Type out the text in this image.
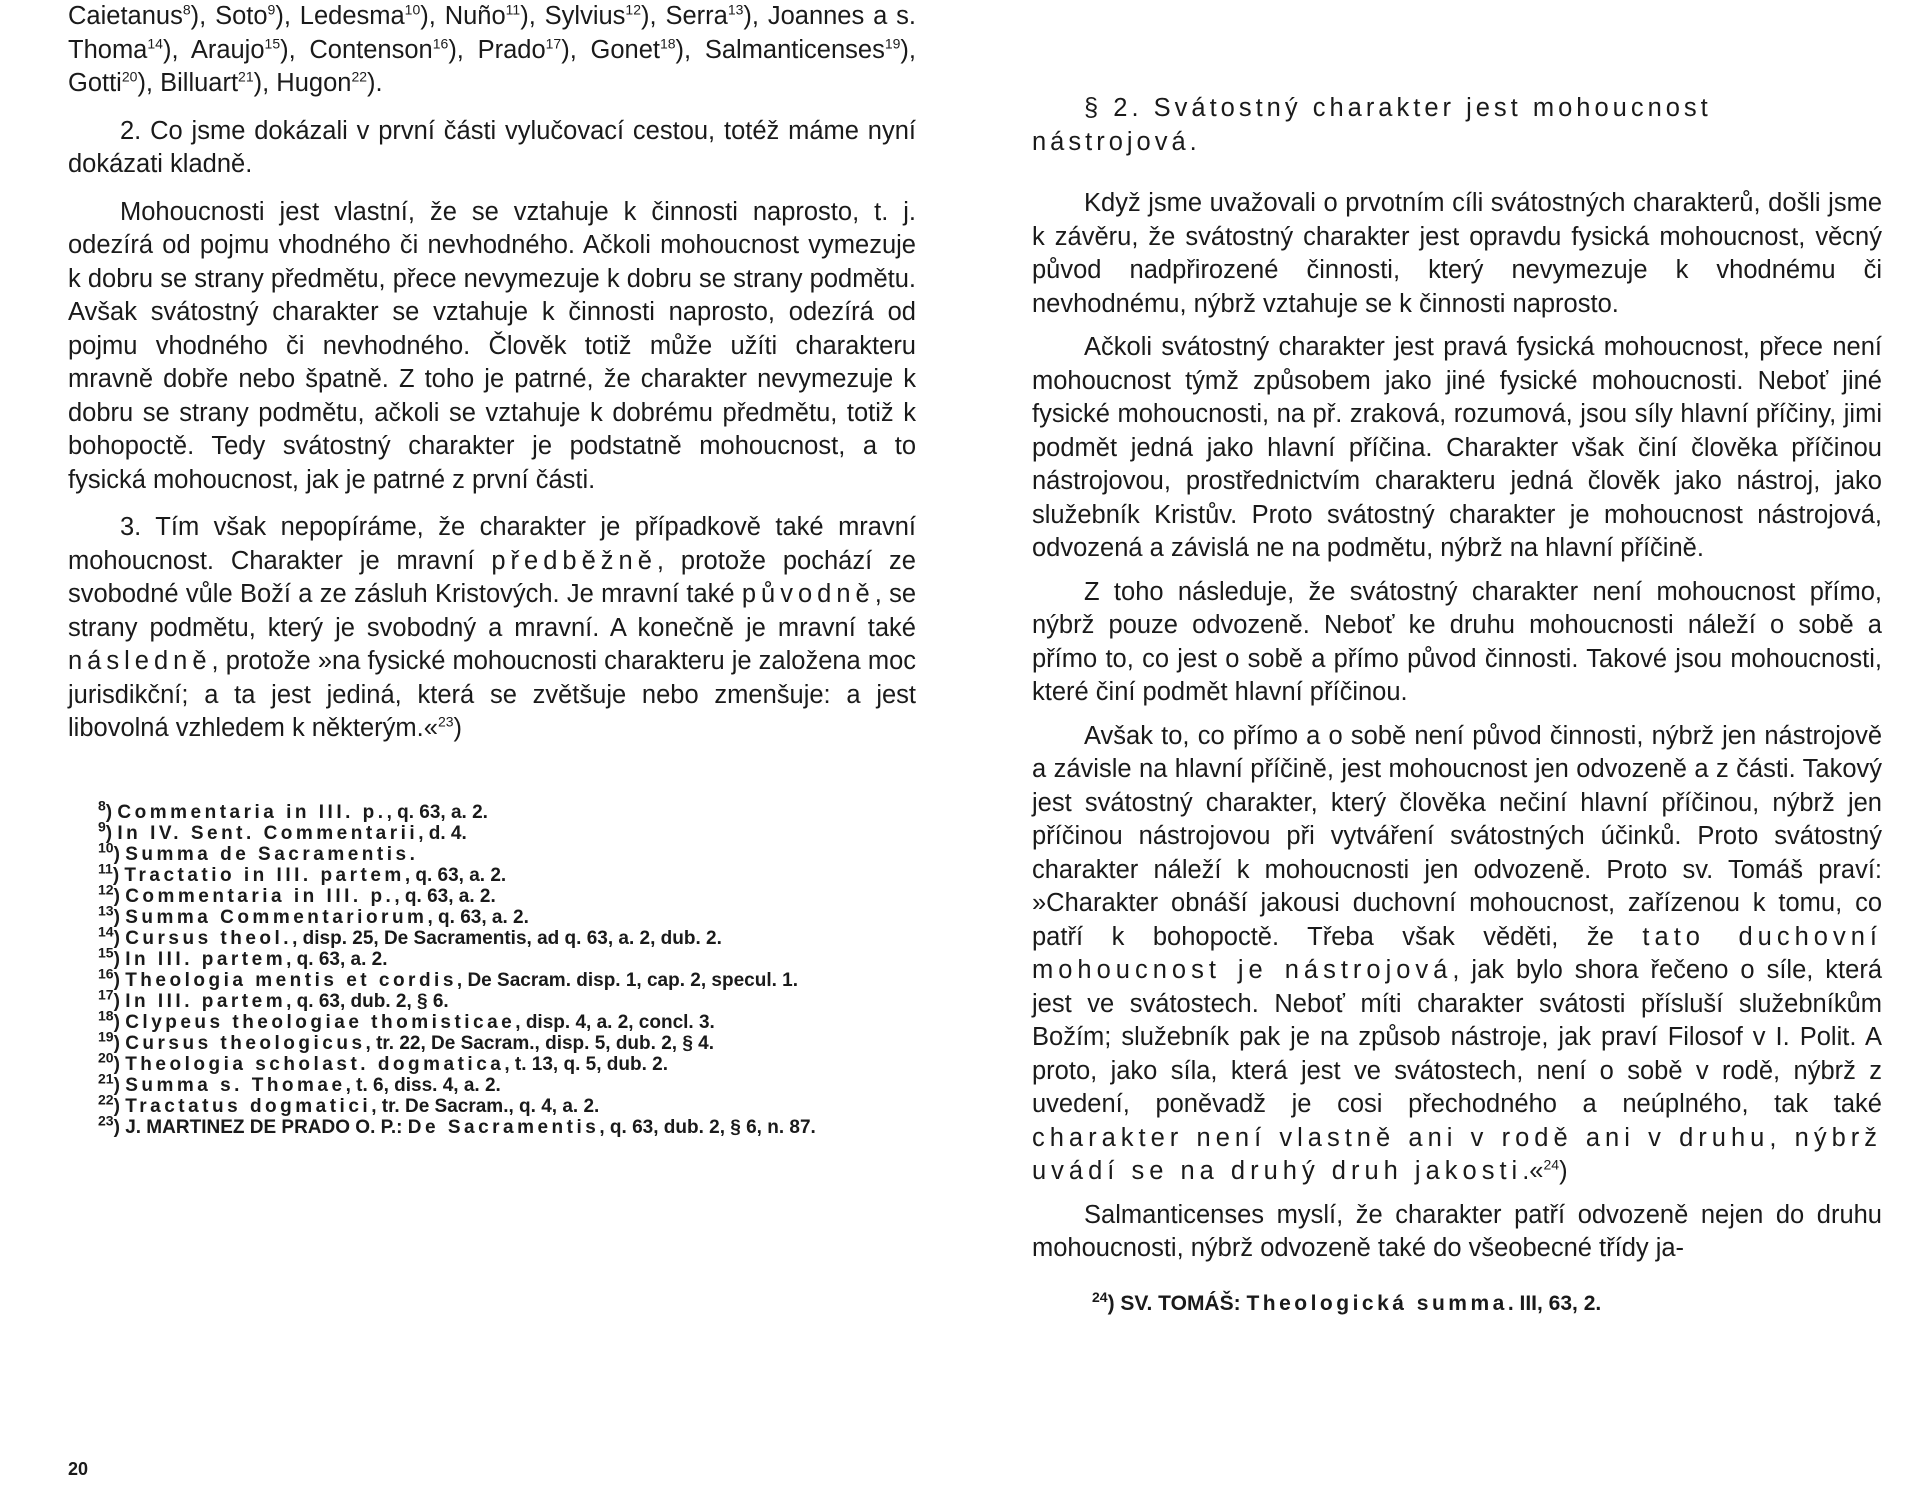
Caietanus$^8$), Soto$^9$), Ledesma$^{10}$), Nuño$^{11}$), Sylvius$^{12}$), Serra$^{13}$), Joannes a s. Thoma$^{14}$), Araujo$^{15}$), Contenson$^{16}$), Prado$^{17}$), Gonet$^{18}$), Salmanticenses$^{19}$), Gotti$^{20}$), Billuart$^{21}$), Hugon$^{22}$).

2. Co jsme dokázali v první části vylučovací cestou, totéž máme nyní dokázati kladně.

Mohoucnosti jest vlastní, že se vztahuje k činnosti naprosto, t. j. odezírá od pojmu vhodného či nevhodného. Ačkoli mohoucnost vymezuje k dobru se strany předmětu, přece nevymezuje k dobru se strany podmětu. Avšak svátostný charakter se vztahuje k činnosti naprosto, odezírá od pojmu vhodného či nevhodného. Člověk totiž může užíti charakteru mravně dobře nebo špatně. Z toho je patrné, že charakter nevymezuje k dobru se strany podmětu, ačkoli se vztahuje k dobrému předmětu, totiž k bohopoctě. Tedy svátostný charakter je podstatně mohoucnost, a to fysická mohoucnost, jak je patrné z první části.

3. Tím však nepopíráme, že charakter je případkově také mravní mohoucnost. Charakter je mravní předběžně, protože pochází ze svobodné vůle Boží a ze zásluh Kristových. Je mravní také původně, se strany podmětu, který je svobodný a mravní. A konečně je mravní také následně, protože »na fysické mohoucnosti charakteru je založena moc jurisdikční; a ta jest jediná, která se zvětšuje nebo zmenšuje: a jest libovolná vzhledem k některým.«$^{23}$)

$^8$) Commentaria in III. p., q. 63, a. 2.

$^9$) In IV. Sent. Commentarii, d. 4.

$^{10}$) Summa de Sacramentis.

$^{11}$) Tractatio in III. partem, q. 63, a. 2.

$^{12}$) Commentaria in III. p., q. 63, a. 2.

$^{13}$) Summa Commentariorum, q. 63, a. 2.

$^{14}$) Cursus theol., disp. 25, De Sacramentis, ad q. 63, a. 2, dub. 2.

$^{15}$) In III. partem, q. 63, a. 2.

$^{16}$) Theologia mentis et cordis, De Sacram. disp. 1, cap. 2, specul. 1.

$^{17}$) In III. partem, q. 63, dub. 2, § 6.

$^{18}$) Clypeus theologiae thomisticae, disp. 4, a. 2, concl. 3.

$^{19}$) Cursus theologicus, tr. 22, De Sacram., disp. 5, dub. 2, § 4.

$^{20}$) Theologia scholast. dogmatica, t. 13, q. 5, dub. 2.

$^{21}$) Summa s. Thomae, t. 6, diss. 4, a. 2.

$^{22}$) Tractatus dogmatici, tr. De Sacram., q. 4, a. 2.

$^{23}$) J. MARTINEZ DE PRADO O. P.: De Sacramentis, q. 63, dub. 2, § 6, n. 87.

20
§ 2. Svátostný charakter jest mohoucnost nástrojová.

Když jsme uvažovali o prvotním cíli svátostných charakterů, došli jsme k závěru, že svátostný charakter jest opravdu fysická mohoucnost, věcný původ nadpřirozené činnosti, který nevymezuje k vhodnému či nevhodnému, nýbrž vztahuje se k činnosti naprosto.

Ačkoli svátostný charakter jest pravá fysická mohoucnost, přece není mohoucnost týmž způsobem jako jiné fysické mohoucnosti. Neboť jiné fysické mohoucnosti, na př. zraková, rozumová, jsou síly hlavní příčiny, jimi podmět jedná jako hlavní příčina. Charakter však činí člověka příčinou nástrojovou, prostřednictvím charakteru jedná člověk jako nástroj, jako služebník Kristův. Proto svátostný charakter je mohoucnost nástrojová, odvozená a závislá ne na podmětu, nýbrž na hlavní příčině.

Z toho následuje, že svátostný charakter není mohoucnost přímo, nýbrž pouze odvozeně. Neboť ke druhu mohoucnosti náleží o sobě a přímo to, co jest o sobě a přímo původ činnosti. Takové jsou mohoucnosti, které činí podmět hlavní příčinou.

Avšak to, co přímo a o sobě není původ činnosti, nýbrž jen nástrojově a závisle na hlavní příčině, jest mohoucnost jen odvozeně a z části. Takový jest svátostný charakter, který člověka nečiní hlavní příčinou, nýbrž jen příčinou nástrojovou při vytváření svátostných účinků. Proto svátostný charakter náleží k mohoucnosti jen odvozeně. Proto sv. Tomáš praví: »Charakter obnáší jakousi duchovní mohoucnost, zařízenou k tomu, co patří k bohopoctě. Třeba však věděti, že tato duchovní mohoucnost je nástrojová, jak bylo shora řečeno o síle, která jest ve svátostech. Neboť míti charakter svátosti přísluší služebníkům Božím; služebník pak je na způsob nástroje, jak praví Filosof v I. Polit. A proto, jako síla, která jest ve svátostech, není o sobě v rodě, nýbrž z uvedení, poněvadž je cosi přechodného a neúplného, tak také charakter není vlastně ani v rodě ani v druhu, nýbrž uvádí se na druhý druh jakosti.«$^{24}$)

Salmanticenses myslí, že charakter patří odvozeně nejen do druhu mohoucnosti, nýbrž odvozeně také do všeobecné třídy ja-

$^{24}$) SV. TOMÁŠ: Theologická summa. III, 63, 2.
